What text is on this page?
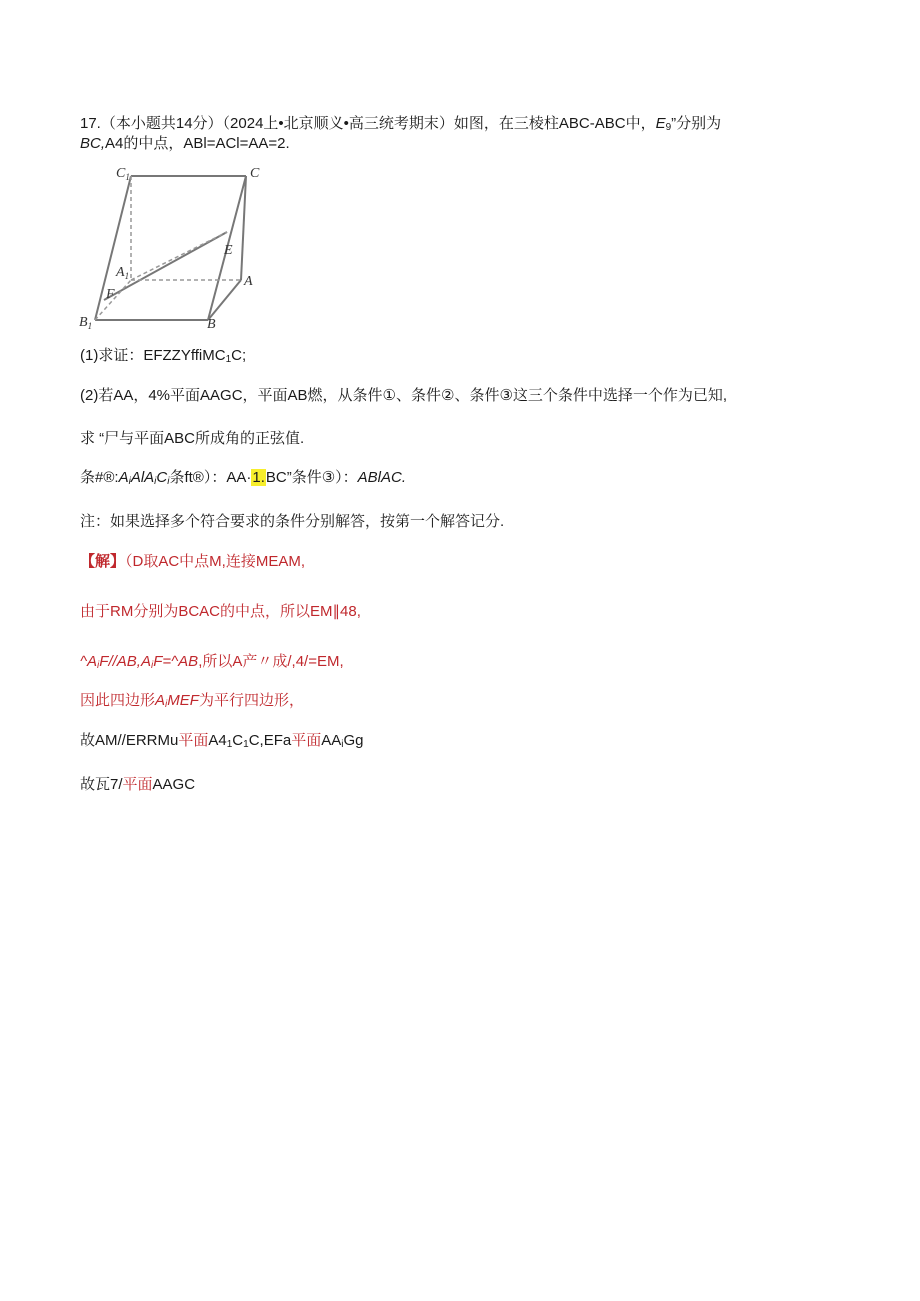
17.（本小题共14分）（2024上•北京顺义•高三统考期末）如图，在三棱柱ABC-ABC中，$E_9$”分别为
BC,A4的中点，ABl=ACl=AA=2.
$C_1$	C
E
$A_1$	A
F
$B_1$	B
(1)求证：EFZZYffiMC$_1$C;
(2)若AA，4%平面AAGC，平面AB燃，从条件①、条件②、条件③这三个条件中选择一个作为已知,
求 “尸与平面ABC所成角的正弦值.
条$\#®:A_iAlA_iC_i$条ft®）：AA·1.BC”条件③）：ABlAC.
注：如果选择多个符合要求的条件分别解答，按第一个解答记分.
【解】（D取AC中点M,连接MEAM,
由于RM分别为BCAC的中点，所以EM∥48,
$\^{}A_iF//AB,A_iF=\^{}AB$,所以A产〃成/,4/=EM,
因此四边形$A_iMEF$为平行四边形，
故AM//ERRMu平面$A4_1C_1C,EFa$平面$AA_iGg$
故瓦7/平面AAGC
